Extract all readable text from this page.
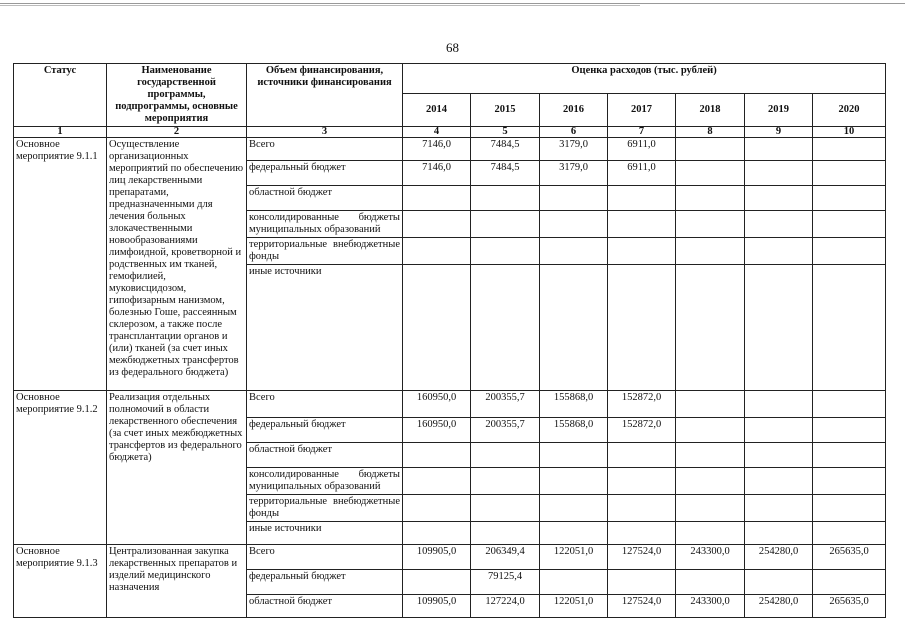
68
Статус	Наименование государственной программы, подпрограммы, основные мероприятия	Объем финансирования, источники финансирования	Оценка расходов (тыс. рублей)						
			2014	2015	2016	2017	2018	2019	2020
1	2	3	4	5	6	7	8	9	10
Основное мероприятие 9.1.1	Осуществление организационных мероприятий по обеспечению лиц лекарственными препаратами, предназначенными для лечения больных злокачественными новообразованиями лимфоидной, кроветворной и родственных им тканей, гемофилией, муковисцидозом, гипофизарным нанизмом, болезнью Гоше, рассеянным склерозом, а также после трансплантации органов и (или) тканей (за счет иных межбюджетных трансфертов из федерального бюджета)	Всего	7146,0	7484,5	3179,0	6911,0			
		федеральный бюджет	7146,0	7484,5	3179,0	6911,0			
		областной бюджет							
		консолидированные бюджеты муниципальных образований							
		территориальные внебюджетные фонды							
		иные источники							
Основное мероприятие 9.1.2	Реализация отдельных полномочий в области лекарственного обеспечения (за счет иных межбюджетных трансфертов из федерального бюджета)	Всего	160950,0	200355,7	155868,0	152872,0			
		федеральный бюджет	160950,0	200355,7	155868,0	152872,0			
		областной бюджет							
		консолидированные бюджеты муниципальных образований							
		территориальные внебюджетные фонды							
		иные источники							
Основное мероприятие 9.1.3	Централизованная закупка лекарственных препаратов и изделий медицинского назначения	Всего	109905,0	206349,4	122051,0	127524,0	243300,0	254280,0	265635,0
		федеральный бюджет		79125,4					
		областной бюджет	109905,0	127224,0	122051,0	127524,0	243300,0	254280,0	265635,0
